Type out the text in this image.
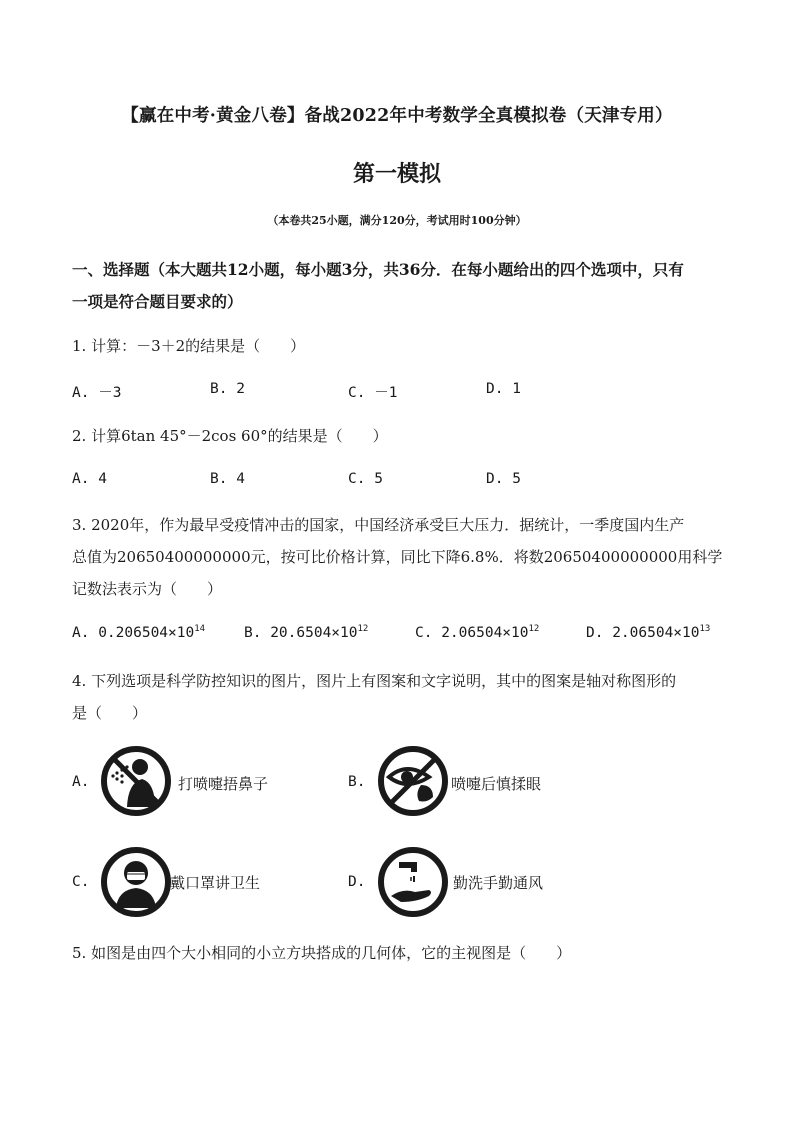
【赢在中考·黄金八卷】备战2022年中考数学全真模拟卷（天津专用）
第一模拟
（本卷共25小题，满分120分，考试用时100分钟）
一、选择题（本大题共12小题，每小题3分，共36分．在每小题给出的四个选项中，只有
一项是符合题目要求的）
1. 计算：－3＋2的结果是（　　）
A. －3	B. 2	C. －1	D. 1
2. 计算6tan 45°－2cos 60°的结果是（　　）
A. 4	B. 4	C. 5	D. 5
3. 2020年，作为最早受疫情冲击的国家，中国经济承受巨大压力．据统计，一季度国内生产
总值为20650400000000元，按可比价格计算，同比下降6.8%．将数20650400000000用科学
记数法表示为（　　）
A. $0.206504\times 10^{14}$	B. $20.6504\times 10^{12}$	C. $2.06504\times 10^{12}$	D. $2.06504\times 10^{13}$
4. 下列选项是科学防控知识的图片，图片上有图案和文字说明，其中的图案是轴对称图形的
是（　　）
A.	打喷嚏捂鼻子	B.	喷嚏后慎揉眼
C.	戴口罩讲卫生	D.	勤洗手勤通风
5. 如图是由四个大小相同的小立方块搭成的几何体，它的主视图是（　　）
